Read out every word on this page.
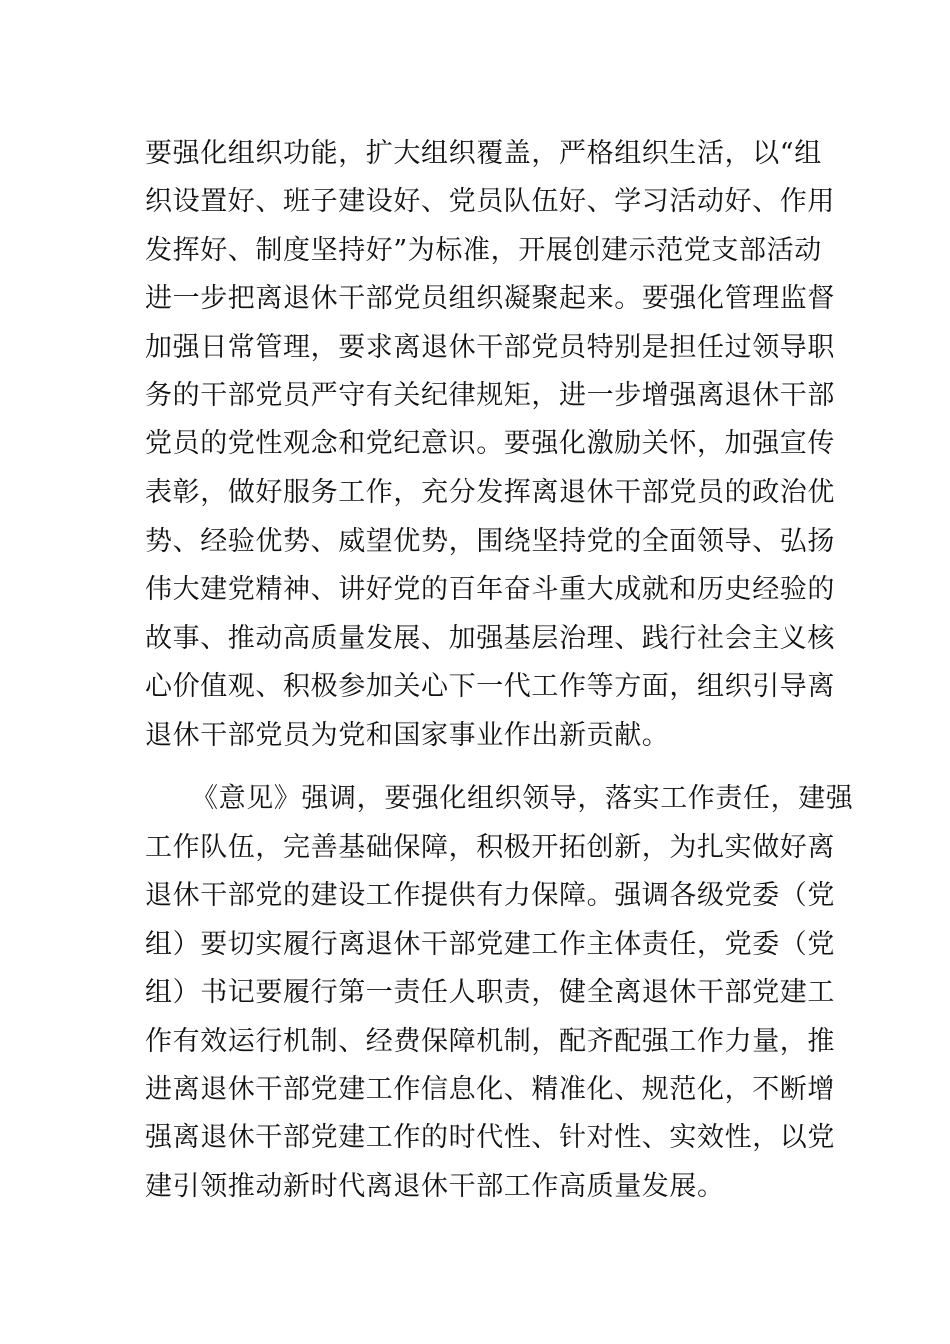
要强化组织功能，扩大组织覆盖，严格组织生活，以“组
织设置好、班子建设好、党员队伍好、学习活动好、作用
发挥好、制度坚持好”为标准，开展创建示范党支部活动
进一步把离退休干部党员组织凝聚起来。要强化管理监督
加强日常管理，要求离退休干部党员特别是担任过领导职
务的干部党员严守有关纪律规矩，进一步增强离退休干部
党员的党性观念和党纪意识。要强化激励关怀，加强宣传
表彰，做好服务工作，充分发挥离退休干部党员的政治优
势、经验优势、威望优势，围绕坚持党的全面领导、弘扬
伟大建党精神、讲好党的百年奋斗重大成就和历史经验的
故事、推动高质量发展、加强基层治理、践行社会主义核
心价值观、积极参加关心下一代工作等方面，组织引导离
退休干部党员为党和国家事业作出新贡献。
《意见》强调，要强化组织领导，落实工作责任，建强
工作队伍，完善基础保障，积极开拓创新，为扎实做好离
退休干部党的建设工作提供有力保障。强调各级党委（党
组）要切实履行离退休干部党建工作主体责任，党委（党
组）书记要履行第一责任人职责，健全离退休干部党建工
作有效运行机制、经费保障机制，配齐配强工作力量，推
进离退休干部党建工作信息化、精准化、规范化，不断增
强离退休干部党建工作的时代性、针对性、实效性，以党
建引领推动新时代离退休干部工作高质量发展。
